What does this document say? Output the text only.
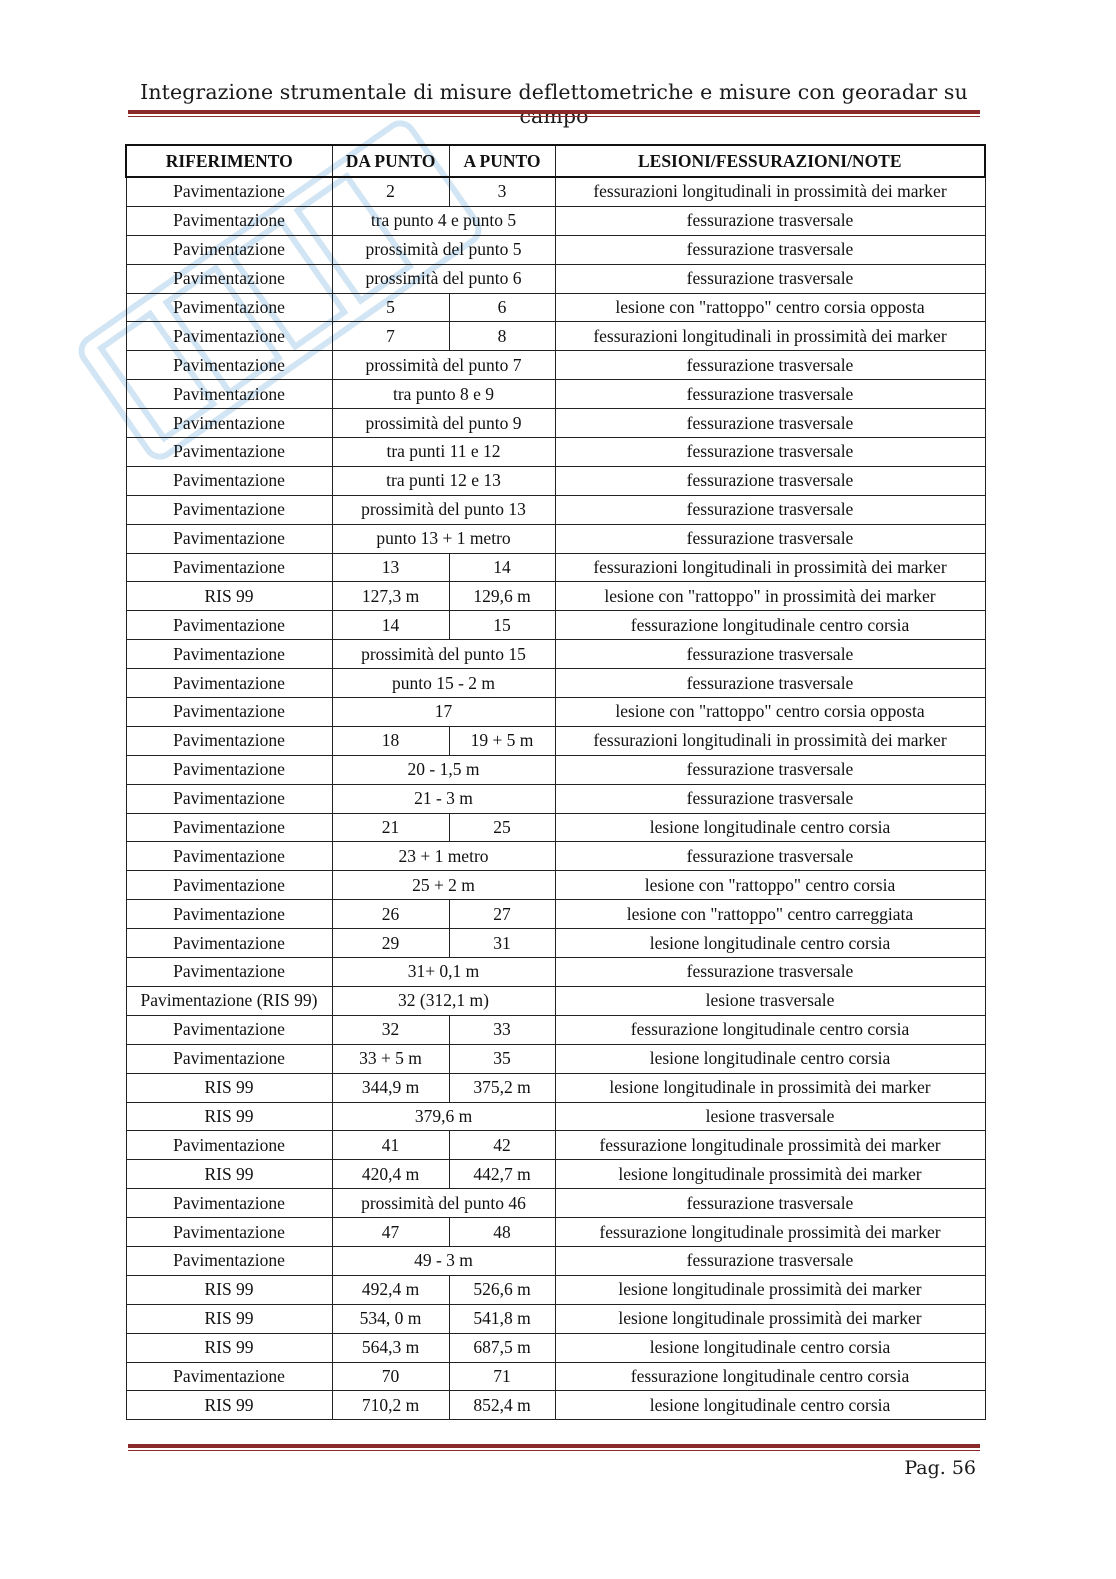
Integrazione strumentale di misure deflettometriche e misure con georadar su
RIFERIMENTO	DA PUNTO	A PUNTO	LESIONI/FESSURAZIONI/NOTE
Pavimentazione	2	3	fessurazioni longitudinali in prossimità dei marker
Pavimentazione	tra punto 4 e punto 5		fessurazione trasversale
Pavimentazione	prossimità del punto 5		fessurazione trasversale
Pavimentazione	prossimità del punto 6		fessurazione trasversale
Pavimentazione	5	6	lesione con "rattoppo" centro corsia opposta
Pavimentazione	7	8	fessurazioni longitudinali in prossimità dei marker
Pavimentazione	prossimità del punto 7		fessurazione trasversale
Pavimentazione	tra punto 8 e 9		fessurazione trasversale
Pavimentazione	prossimità del punto 9		fessurazione trasversale
Pavimentazione	tra punti 11 e 12		fessurazione trasversale
Pavimentazione	tra punti 12 e 13		fessurazione trasversale
Pavimentazione	prossimità del punto 13		fessurazione trasversale
Pavimentazione	punto 13 + 1 metro		fessurazione trasversale
Pavimentazione	13	14	fessurazioni longitudinali in prossimità dei marker
RIS 99	127,3 m	129,6 m	lesione con "rattoppo" in prossimità dei marker
Pavimentazione	14	15	fessurazione longitudinale centro corsia
Pavimentazione	prossimità del punto 15		fessurazione trasversale
Pavimentazione	punto 15 - 2 m		fessurazione trasversale
Pavimentazione	17		lesione con "rattoppo" centro corsia opposta
Pavimentazione	18	19 + 5 m	fessurazioni longitudinali in prossimità dei marker
Pavimentazione	20 - 1,5 m		fessurazione trasversale
Pavimentazione	21 - 3 m		fessurazione trasversale
Pavimentazione	21	25	lesione longitudinale centro corsia
Pavimentazione	23 + 1 metro		fessurazione trasversale
Pavimentazione	25 + 2 m		lesione con "rattoppo" centro corsia
Pavimentazione	26	27	lesione con "rattoppo" centro carreggiata
Pavimentazione	29	31	lesione longitudinale centro corsia
Pavimentazione	31+ 0,1 m		fessurazione trasversale
Pavimentazione (RIS 99)	32 (312,1 m)		lesione trasversale
Pavimentazione	32	33	fessurazione longitudinale centro corsia
Pavimentazione	33 + 5 m	35	lesione longitudinale centro corsia
RIS 99	344,9 m	375,2 m	lesione longitudinale in prossimità dei marker
RIS 99	379,6 m		lesione trasversale
Pavimentazione	41	42	fessurazione longitudinale prossimità dei marker
RIS 99	420,4 m	442,7 m	lesione longitudinale prossimità dei marker
Pavimentazione	prossimità del punto 46		fessurazione trasversale
Pavimentazione	47	48	fessurazione longitudinale prossimità dei marker
Pavimentazione	49 - 3 m		fessurazione trasversale
RIS 99	492,4 m	526,6 m	lesione longitudinale prossimità dei marker
RIS 99	534, 0 m	541,8 m	lesione longitudinale prossimità dei marker
RIS 99	564,3 m	687,5 m	lesione longitudinale centro corsia
Pavimentazione	70	71	fessurazione longitudinale centro corsia
RIS 99	710,2 m	852,4 m	lesione longitudinale centro corsia
Pag. 56
